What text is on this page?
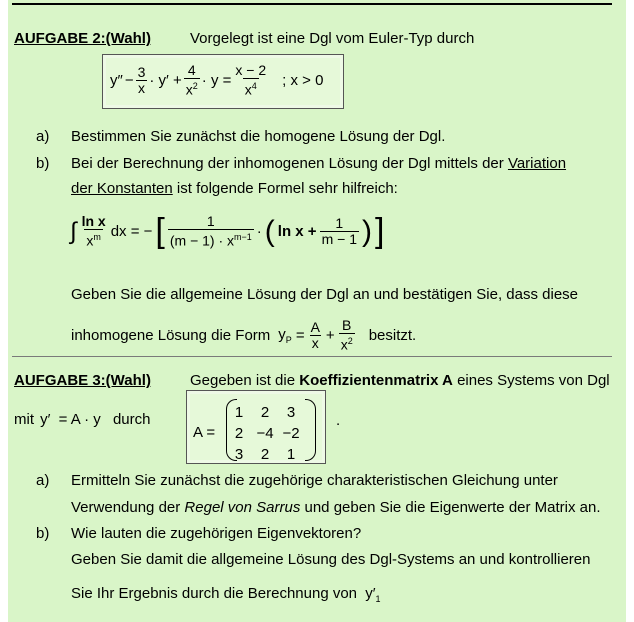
AUFGABE 2:(Wahl)	Vorgelegt ist eine Dgl vom Euler-Typ durch
$y'' - \frac{3}{x} \cdot y' + \frac{4}{x^2} \cdot y = \frac{x - 2}{x^4}$ ; x > 0
a) Bestimmen Sie zunächst die homogene Lösung der Dgl.
b) Bei der Berechnung der inhomogenen Lösung der Dgl mittels der Variation
der Konstanten ist folgende Formel sehr hilfreich:
∫ $\frac{\text{ln x}}{x^m}$ dx = − [ $\frac{1}{(m - 1) \cdot x^{m-1}}$ · ( $\ln x + \frac{1}{m - 1}$ ) ]
Geben Sie die allgemeine Lösung der Dgl an und bestätigen Sie, dass diese
inhomogene Lösung die Form $y_P = \frac{A}{x} + \frac{B}{x^2}$ besitzt.
AUFGABE 3:(Wahl)	Gegeben ist die Koeffizientenmatrix A eines Systems von Dgl
mit y′ = A · y durch
A =
1	2	3
2 −4 −2
3	2	1
.
a) Ermitteln Sie zunächst die zugehörige charakteristischen Gleichung unter
Verwendung der Regel von Sarrus und geben Sie die Eigenwerte der Matrix an.
b) Wie lauten die zugehörigen Eigenvektoren?
Geben Sie damit die allgemeine Lösung des Dgl-Systems an und kontrollieren
Sie Ihr Ergebnis durch die Berechnung von $y'_1$
